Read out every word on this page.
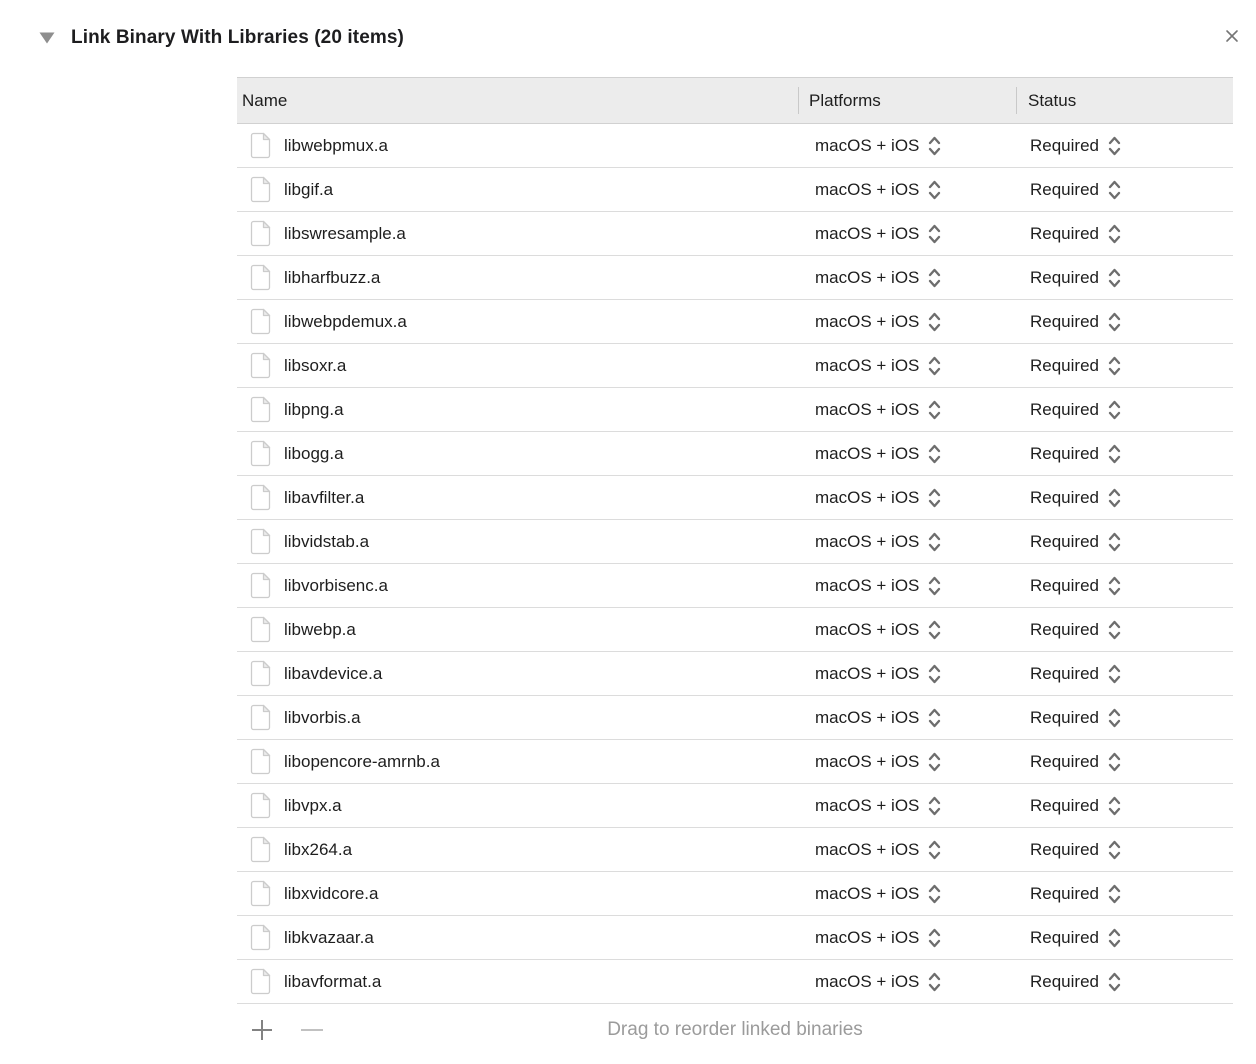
Link Binary With Libraries (20 items)
Name	Platforms	Status
libwebpmux.a	macOS + iOS	Required
libgif.a	macOS + iOS	Required
libswresample.a	macOS + iOS	Required
libharfbuzz.a	macOS + iOS	Required
libwebpdemux.a	macOS + iOS	Required
libsoxr.a	macOS + iOS	Required
libpng.a	macOS + iOS	Required
libogg.a	macOS + iOS	Required
libavfilter.a	macOS + iOS	Required
libvidstab.a	macOS + iOS	Required
libvorbisenc.a	macOS + iOS	Required
libwebp.a	macOS + iOS	Required
libavdevice.a	macOS + iOS	Required
libvorbis.a	macOS + iOS	Required
libopencore-amrnb.a	macOS + iOS	Required
libvpx.a	macOS + iOS	Required
libx264.a	macOS + iOS	Required
libxvidcore.a	macOS + iOS	Required
libkvazaar.a	macOS + iOS	Required
libavformat.a	macOS + iOS	Required
Drag to reorder linked binaries
